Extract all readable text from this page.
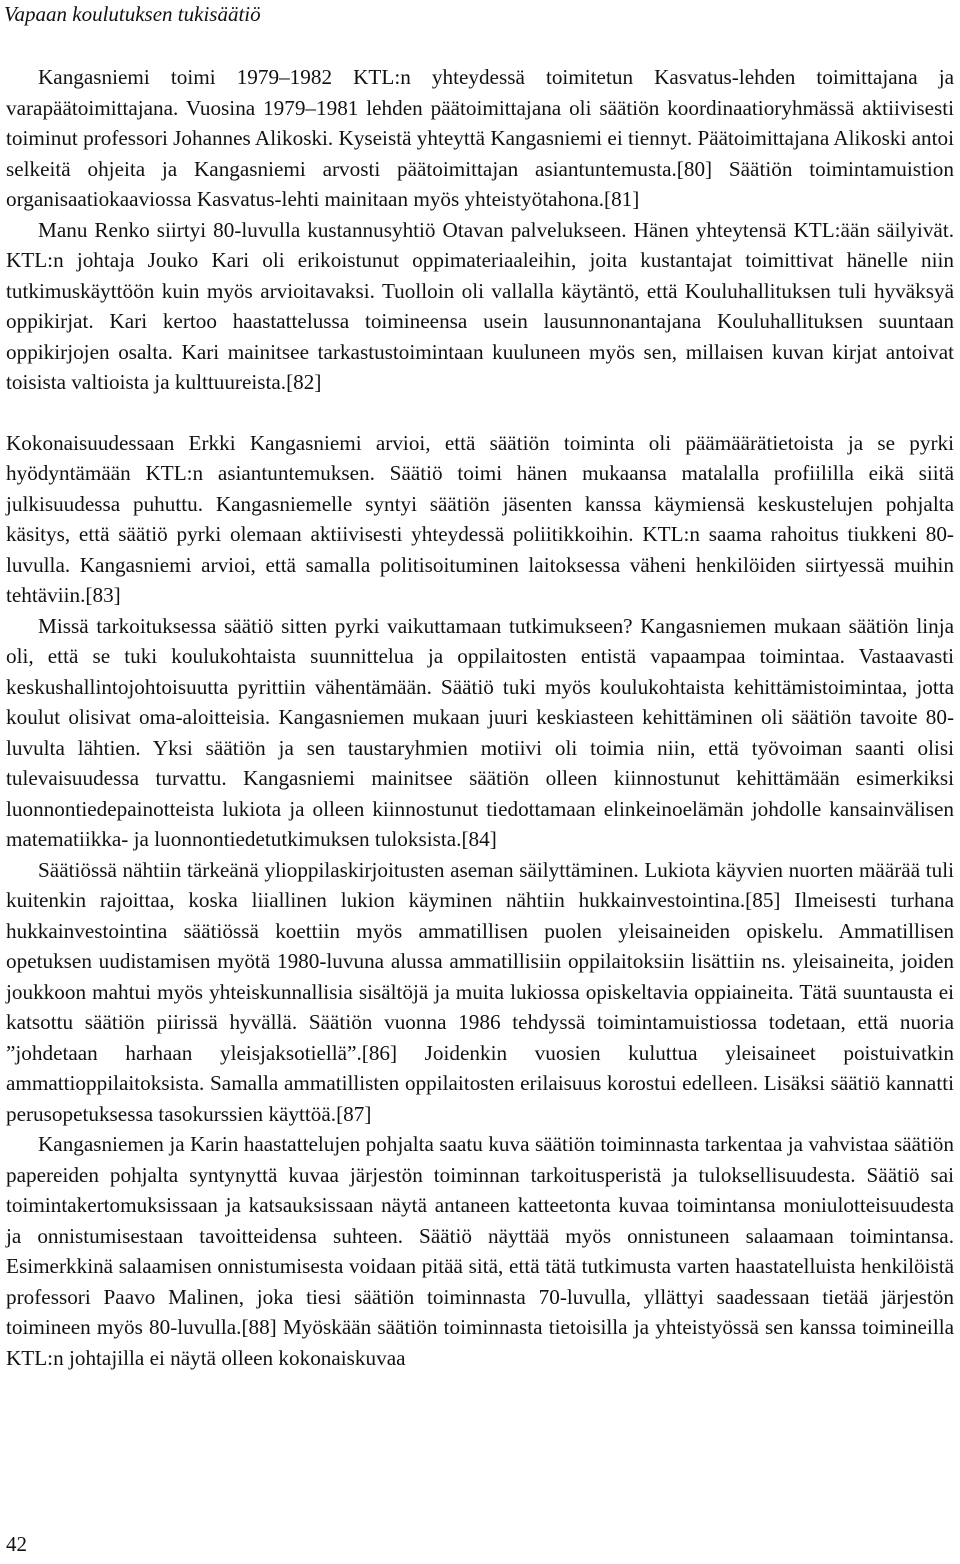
Vapaan koulutuksen tukisäätiö

Kangasniemi toimi 1979–1982 KTL:n yhteydessä toimitetun Kasvatus-lehden toimittajana ja varapäätoimittajana. Vuosina 1979–1981 lehden päätoimittajana oli säätiön koordinaatioryhmässä aktiivisesti toiminut professori Johannes Alikoski. Kyseistä yhteyttä Kangasniemi ei tiennyt. Päätoimittajana Alikoski antoi selkeitä ohjeita ja Kangasniemi arvosti päätoimittajan asiantuntemusta.[80] Säätiön toimintamuistion organisaatiokaaviossa Kasvatus-lehti mainitaan myös yhteistyötahona.[81]

Manu Renko siirtyi 80-luvulla kustannusyhtiö Otavan palvelukseen. Hänen yhteytensä KTL:ään säilyivät. KTL:n johtaja Jouko Kari oli erikoistunut oppimateriaaleihin, joita kustantajat toimittivat hänelle niin tutkimuskäyttöön kuin myös arvioitavaksi. Tuolloin oli vallalla käytäntö, että Kouluhallituksen tuli hyväksyä oppikirjat. Kari kertoo haastattelussa toimineensa usein lausunnonantajana Kouluhallituksen suuntaan oppikirjojen osalta. Kari mainitsee tarkastustoimintaan kuuluneen myös sen, millaisen kuvan kirjat antoivat toisista valtioista ja kulttuureista.[82]

Kokonaisuudessaan Erkki Kangasniemi arvioi, että säätiön toiminta oli päämäärätietoista ja se pyrki hyödyntämään KTL:n asiantuntemuksen. Säätiö toimi hänen mukaansa matalalla profiililla eikä siitä julkisuudessa puhuttu. Kangasniemelle syntyi säätiön jäsenten kanssa käymiensä keskustelujen pohjalta käsitys, että säätiö pyrki olemaan aktiivisesti yhteydessä poliitikkoihin. KTL:n saama rahoitus tiukkeni 80-luvulla. Kangasniemi arvioi, että samalla politisoituminen laitoksessa väheni henkilöiden siirtyessä muihin tehtäviin.[83]

Missä tarkoituksessa säätiö sitten pyrki vaikuttamaan tutkimukseen? Kangasniemen mukaan säätiön linja oli, että se tuki koulukohtaista suunnittelua ja oppilaitosten entistä vapaampaa toimintaa. Vastaavasti keskushallintojohtoisuutta pyrittiin vähentämään. Säätiö tuki myös koulukohtaista kehittämistoimintaa, jotta koulut olisivat oma-aloitteisia. Kangasniemen mukaan juuri keskiasteen kehittäminen oli säätiön tavoite 80-luvulta lähtien. Yksi säätiön ja sen taustaryhmien motiivi oli toimia niin, että työvoiman saanti olisi tulevaisuudessa turvattu. Kangasniemi mainitsee säätiön olleen kiinnostunut kehittämään esimerkiksi luonnontiedepainotteista lukiota ja olleen kiinnostunut tiedottamaan elinkeinoelämän johdolle kansainvälisen matematiikka- ja luonnontiedetutkimuksen tuloksista.[84]

Säätiössä nähtiin tärkeänä ylioppilaskirjoitusten aseman säilyttäminen. Lukiota käyvien nuorten määrää tuli kuitenkin rajoittaa, koska liiallinen lukion käyminen nähtiin hukkainvestointina.[85] Ilmeisesti turhana hukkainvestointina säätiössä koettiin myös ammatillisen puolen yleisaineiden opiskelu. Ammatillisen opetuksen uudistamisen myötä 1980-luvuna alussa ammatillisiin oppilaitoksiin lisättiin ns. yleisaineita, joiden joukkoon mahtui myös yhteiskunnallisia sisältöjä ja muita lukiossa opiskeltavia oppiaineita. Tätä suuntausta ei katsottu säätiön piirissä hyvällä. Säätiön vuonna 1986 tehdyssä toimintamuistiossa todetaan, että nuoria ”johdetaan harhaan yleisjaksotiellä”.[86] Joidenkin vuosien kuluttua yleisaineet poistuivatkin ammattioppilaitoksista. Samalla ammatillisten oppilaitosten erilaisuus korostui edelleen. Lisäksi säätiö kannatti perusopetuksessa tasokurssien käyttöä.[87]

Kangasniemen ja Karin haastattelujen pohjalta saatu kuva säätiön toiminnasta tarkentaa ja vahvistaa säätiön papereiden pohjalta syntynyttä kuvaa järjestön toiminnan tarkoitusperistä ja tuloksellisuudesta. Säätiö sai toimintakertomuksissaan ja katsauksissaan näytä antaneen katteetonta kuvaa toimintansa moniulotteisuudesta ja onnistumisestaan tavoitteidensa suhteen. Säätiö näyttää myös onnistuneen salaamaan toimintansa. Esimerkkinä salaamisen onnistumisesta voidaan pitää sitä, että tätä tutkimusta varten haastatelluista henkilöistä professori Paavo Malinen, joka tiesi säätiön toiminnasta 70-luvulla, yllättyi saadessaan tietää järjestön toimineen myös 80-luvulla.[88] Myöskään säätiön toiminnasta tietoisilla ja yhteistyössä sen kanssa toimineilla KTL:n johtajilla ei näytä olleen kokonaiskuvaa

42
